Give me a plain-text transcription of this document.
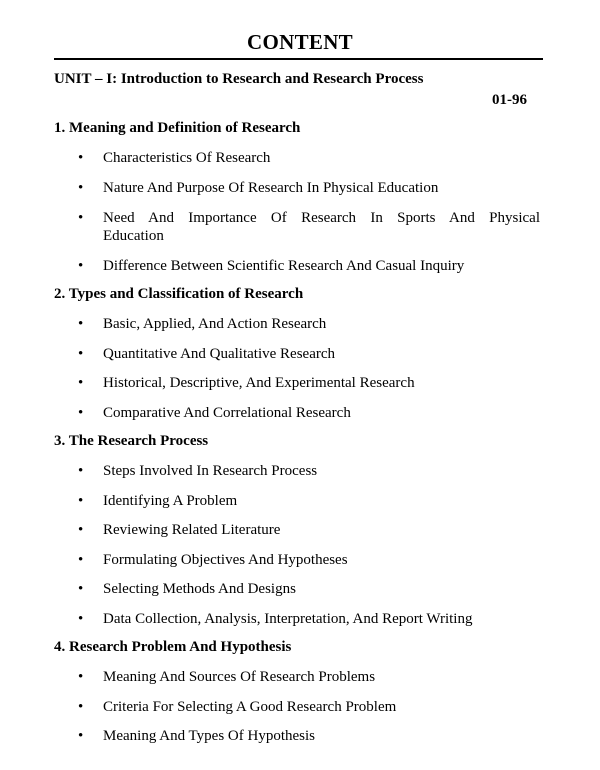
CONTENT
UNIT – I: Introduction to Research and Research Process
01-96
1. Meaning and Definition of Research
•	Characteristics Of Research
•	Nature And Purpose Of Research In Physical Education
•	Need And Importance Of Research In Sports And Physical Education
•	Difference Between Scientific Research And Casual Inquiry
2. Types and Classification of Research
•	Basic, Applied, And Action Research
•	Quantitative And Qualitative Research
•	Historical, Descriptive, And Experimental Research
•	Comparative And Correlational Research
3. The Research Process
•	Steps Involved In Research Process
•	Identifying A Problem
•	Reviewing Related Literature
•	Formulating Objectives And Hypotheses
•	Selecting Methods And Designs
•	Data Collection, Analysis, Interpretation, And Report Writing
4. Research Problem And Hypothesis
•	Meaning And Sources Of Research Problems
•	Criteria For Selecting A Good Research Problem
•	Meaning And Types Of Hypothesis
